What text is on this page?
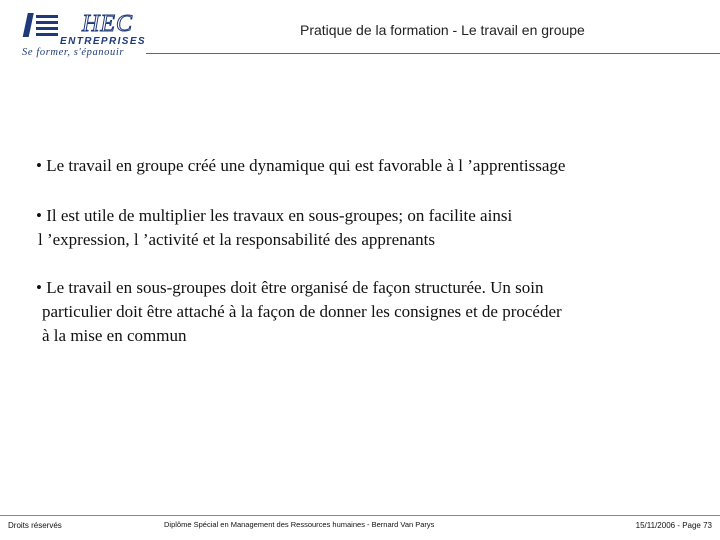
HEC
ENTREPRISES
Se former, s'épanouir
Pratique de la formation - Le travail en groupe
• Le travail en groupe créé une dynamique qui est favorable à l ’apprentissage
• Il est utile de multiplier les travaux en sous-groupes; on facilite ainsi
l ’expression, l ’activité et la responsabilité des apprenants
• Le travail en sous-groupes doit être organisé de façon structurée. Un soin
particulier doit être attaché à la façon de donner les consignes et de procéder
à la mise en commun
Droits réservés	Diplôme Spécial en Management des Ressources humaines - Bernard Van Parys	15/11/2006 - Page 73
